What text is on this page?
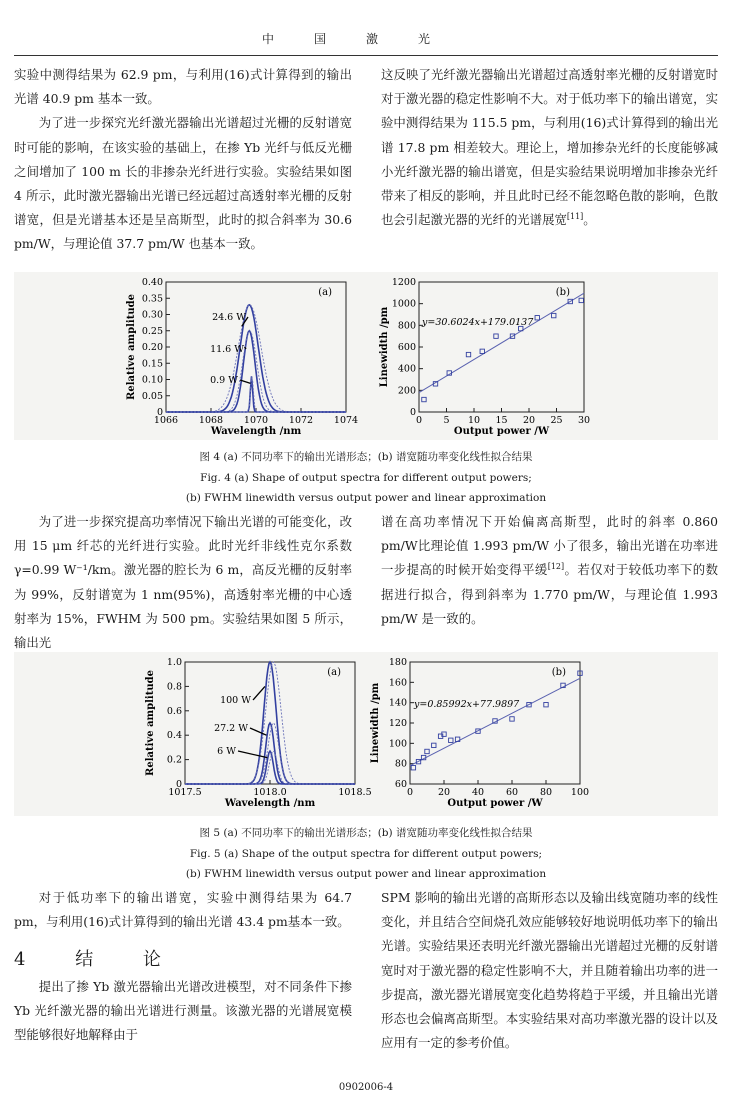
中国激光

实验中测得结果为 62.9 pm，与利用(16)式计算得到的输出光谱 40.9 pm 基本一致。

为了进一步探究光纤激光器输出光谱超过光栅的反射谱宽时可能的影响，在该实验的基础上，在掺 Yb 光纤与低反光栅之间增加了 100 m 长的非掺杂光纤进行实验。实验结果如图 4 所示，此时激光器输出光谱已经远超过高透射率光栅的反射谱宽，但是光谱基本还是呈高斯型，此时的拟合斜率为 30.6 pm/W，与理论值 37.7 pm/W 也基本一致。

这反映了光纤激光器输出光谱超过高透射率光栅的反射谱宽时对于激光器的稳定性影响不大。对于低功率下的输出谱宽，实验中测得结果为 115.5 pm，与利用(16)式计算得到的输出光谱 17.8 pm 相差较大。理论上，增加掺杂光纤的长度能够减小光纤激光器的输出谱宽，但是实验结果说明增加非掺杂光纤带来了相反的影响，并且此时已经不能忽略色散的影响，色散也会引起激光器的光纤的光谱展宽[11]。

1066 1068 1070 1072 1074
0
0.05
0.10
0.15
0.20
0.25
0.30
0.35
0.40
Wavelength /nm
Relative amplitude
(a)
24.6 W
11.6 W
0.9 W
0 5 10 15 20 25 30
0
200
400
600
800
1000
1200
Output power /W
Linewidth /pm
(b)
y=30.6024x+179.0137
图 4 (a) 不同功率下的输出光谱形态；(b) 谱宽随功率变化线性拟合结果
Fig. 4 (a) Shape of output spectra for different output powers;
(b) FWHM linewidth versus output power and linear approximation

为了进一步探究提高功率情况下输出光谱的可能变化，改用 15 μm 纤芯的光纤进行实验。此时光纤非线性克尔系数 γ=0.99 W⁻¹/km。激光器的腔长为 6 m，高反光栅的反射率为 99%，反射谱宽为 1 nm(95%)，高透射率光栅的中心透射率为 15%，FWHM 为 500 pm。实验结果如图 5 所示，输出光

谱在高功率情况下开始偏离高斯型，此时的斜率 0.860 pm/W比理论值 1.993 pm/W 小了很多，输出光谱在功率进一步提高的时候开始变得平缓[12]。若仅对于较低功率下的数据进行拟合，得到斜率为 1.770 pm/W，与理论值 1.993 pm/W 是一致的。

1017.5	1018.0	1018.5
0
0.2
0.4
0.6
0.8
1.0
Wavelength /nm
Relative amplitude	(a)
100 W
27.2 W
6 W
0	20 40 60 80 100
60
80
100
120
140
160
180
Output power /W
Linewidth /pm
(b)
y=0.85992x+77.9897
图 5 (a) 不同功率下的输出光谱形态；(b) 谱宽随功率变化线性拟合结果
Fig. 5 (a) Shape of the output spectra for different output powers;
(b) FWHM linewidth versus output power and linear approximation

对于低功率下的输出谱宽，实验中测得结果为 64.7 pm，与利用(16)式计算得到的输出光谱 43.4 pm基本一致。

4 结 论

提出了掺 Yb 激光器输出光谱改进模型，对不同条件下掺 Yb 光纤激光器的输出光谱进行测量。该激光器的光谱展宽模型能够很好地解释由于

SPM 影响的输出光谱的高斯形态以及输出线宽随功率的线性变化，并且结合空间烧孔效应能够较好地说明低功率下的输出光谱。实验结果还表明光纤激光器输出光谱超过光栅的反射谱宽时对于激光器的稳定性影响不大，并且随着输出功率的进一步提高，激光器光谱展宽变化趋势将趋于平缓，并且输出光谱形态也会偏离高斯型。本实验结果对高功率激光器的设计以及应用有一定的参考价值。

0902006-4
